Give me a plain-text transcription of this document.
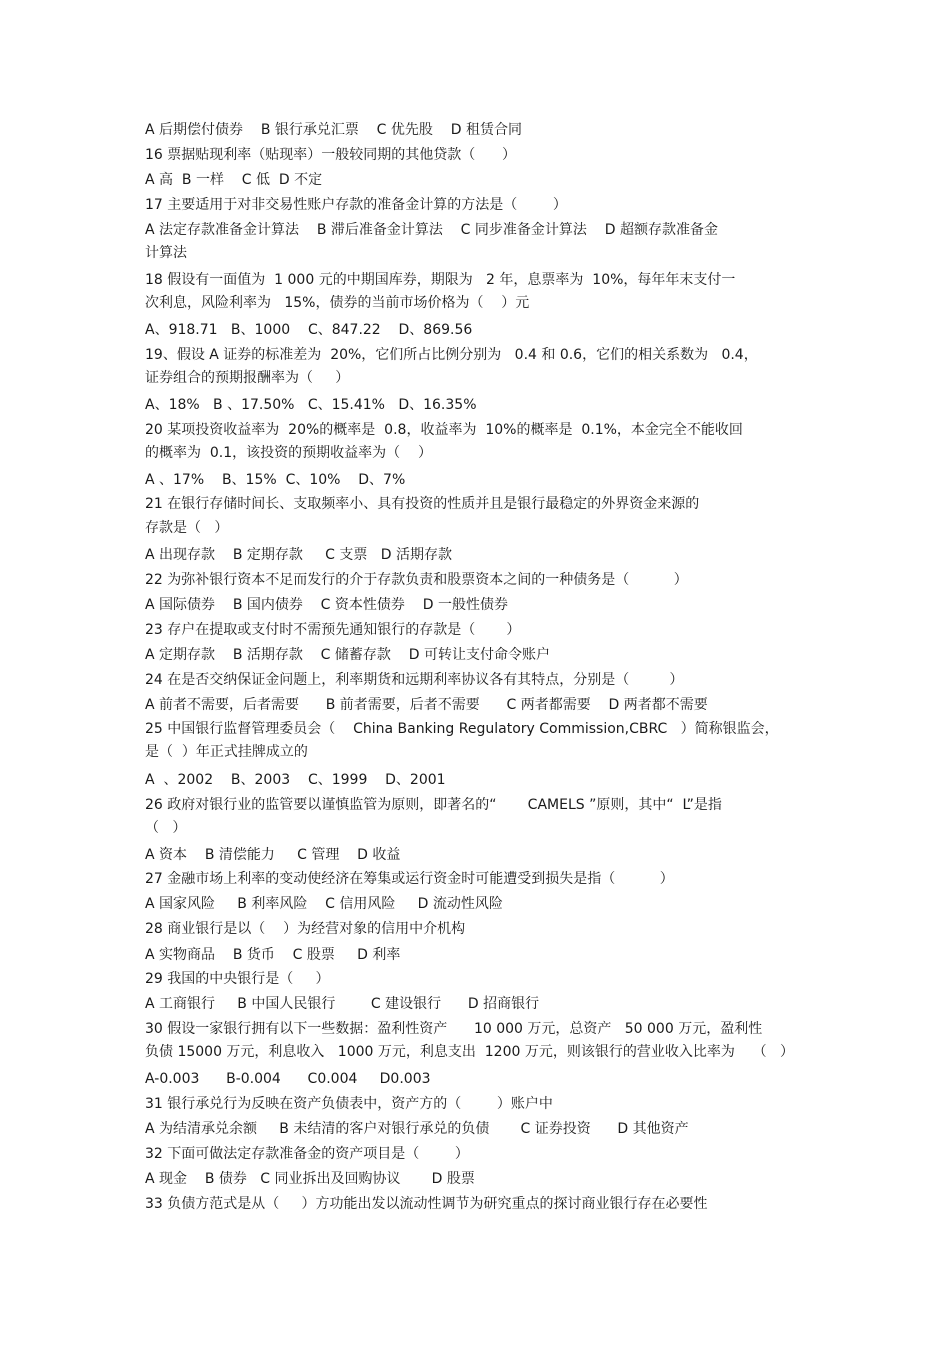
A 后期偿付债券    B 银行承兑汇票    C 优先股    D 租赁合同
16 票据贴现利率（贴现率）一般较同期的其他贷款（      ）
A 高  B 一样    C 低  D 不定
17 主要适用于对非交易性账户存款的准备金计算的方法是（        ）
A 法定存款准备金计算法    B 滞后准备金计算法    C 同步准备金计算法    D 超额存款准备金
计算法
18 假设有一面值为  1 000 元的中期国库券，期限为   2 年，息票率为  10%，每年年末支付一
次利息，风险利率为   15%，债券的当前市场价格为（    ）元
A、918.71   B、1000    C、847.22    D、869.56
19、假设 A 证券的标准差为  20%，它们所占比例分别为   0.4 和 0.6，它们的相关系数为   0.4，
证券组合的预期报酬率为（     ）
A、18%   B 、17.50%   C、15.41%   D、16.35%
20 某项投资收益率为  20%的概率是  0.8，收益率为  10%的概率是  0.1%，本金完全不能收回
的概率为  0.1，该投资的预期收益率为（    ）
A 、17%    B、15%  C、10%    D、7%
21 在银行存储时间长、支取频率小、具有投资的性质并且是银行最稳定的外界资金来源的
存款是（   ）
A 出现存款    B 定期存款     C 支票   D 活期存款
22 为弥补银行资本不足而发行的介于存款负责和股票资本之间的一种债务是（          ）
A 国际债券    B 国内债券    C 资本性债券    D 一般性债券
23 存户在提取或支付时不需预先通知银行的存款是（       ）
A 定期存款    B 活期存款    C 储蓄存款    D 可转让支付命令账户
24 在是否交纳保证金问题上，利率期货和远期利率协议各有其特点，分别是（         ）
A 前者不需要，后者需要      B 前者需要，后者不需要      C 两者都需要    D 两者都不需要
25 中国银行监督管理委员会（    China Banking Regulatory Commission,CBRC   ）简称银监会，
是（  ）年正式挂牌成立的
A  、2002    B、2003    C、1999    D、2001
26 政府对银行业的监管要以谨慎监管为原则，即著名的“       CAMELS ”原则，其中“  L”是指
（   ）
A 资本    B 清偿能力     C 管理    D 收益
27 金融市场上利率的变动使经济在筹集或运行资金时可能遭受到损失是指（          ）
A 国家风险     B 利率风险    C 信用风险     D 流动性风险
28 商业银行是以（    ）为经营对象的信用中介机构
A 实物商品    B 货币    C 股票     D 利率
29 我国的中央银行是（     ）
A 工商银行     B 中国人民银行        C 建设银行      D 招商银行
30 假设一家银行拥有以下一些数据：盈利性资产      10 000 万元，总资产   50 000 万元，盈利性
负债 15000 万元，利息收入   1000 万元，利息支出  1200 万元，则该银行的营业收入比率为    （   ）
A-0.003      B-0.004      C0.004     D0.003
31 银行承兑行为反映在资产负债表中，资产方的（        ）账户中
A 为结清承兑余额     B 未结清的客户对银行承兑的负债       C 证券投资      D 其他资产
32 下面可做法定存款准备金的资产项目是（        ）
A 现金    B 债券   C 同业拆出及回购协议       D 股票
33 负债方范式是从（     ）方功能出发以流动性调节为研究重点的探讨商业银行存在必要性
